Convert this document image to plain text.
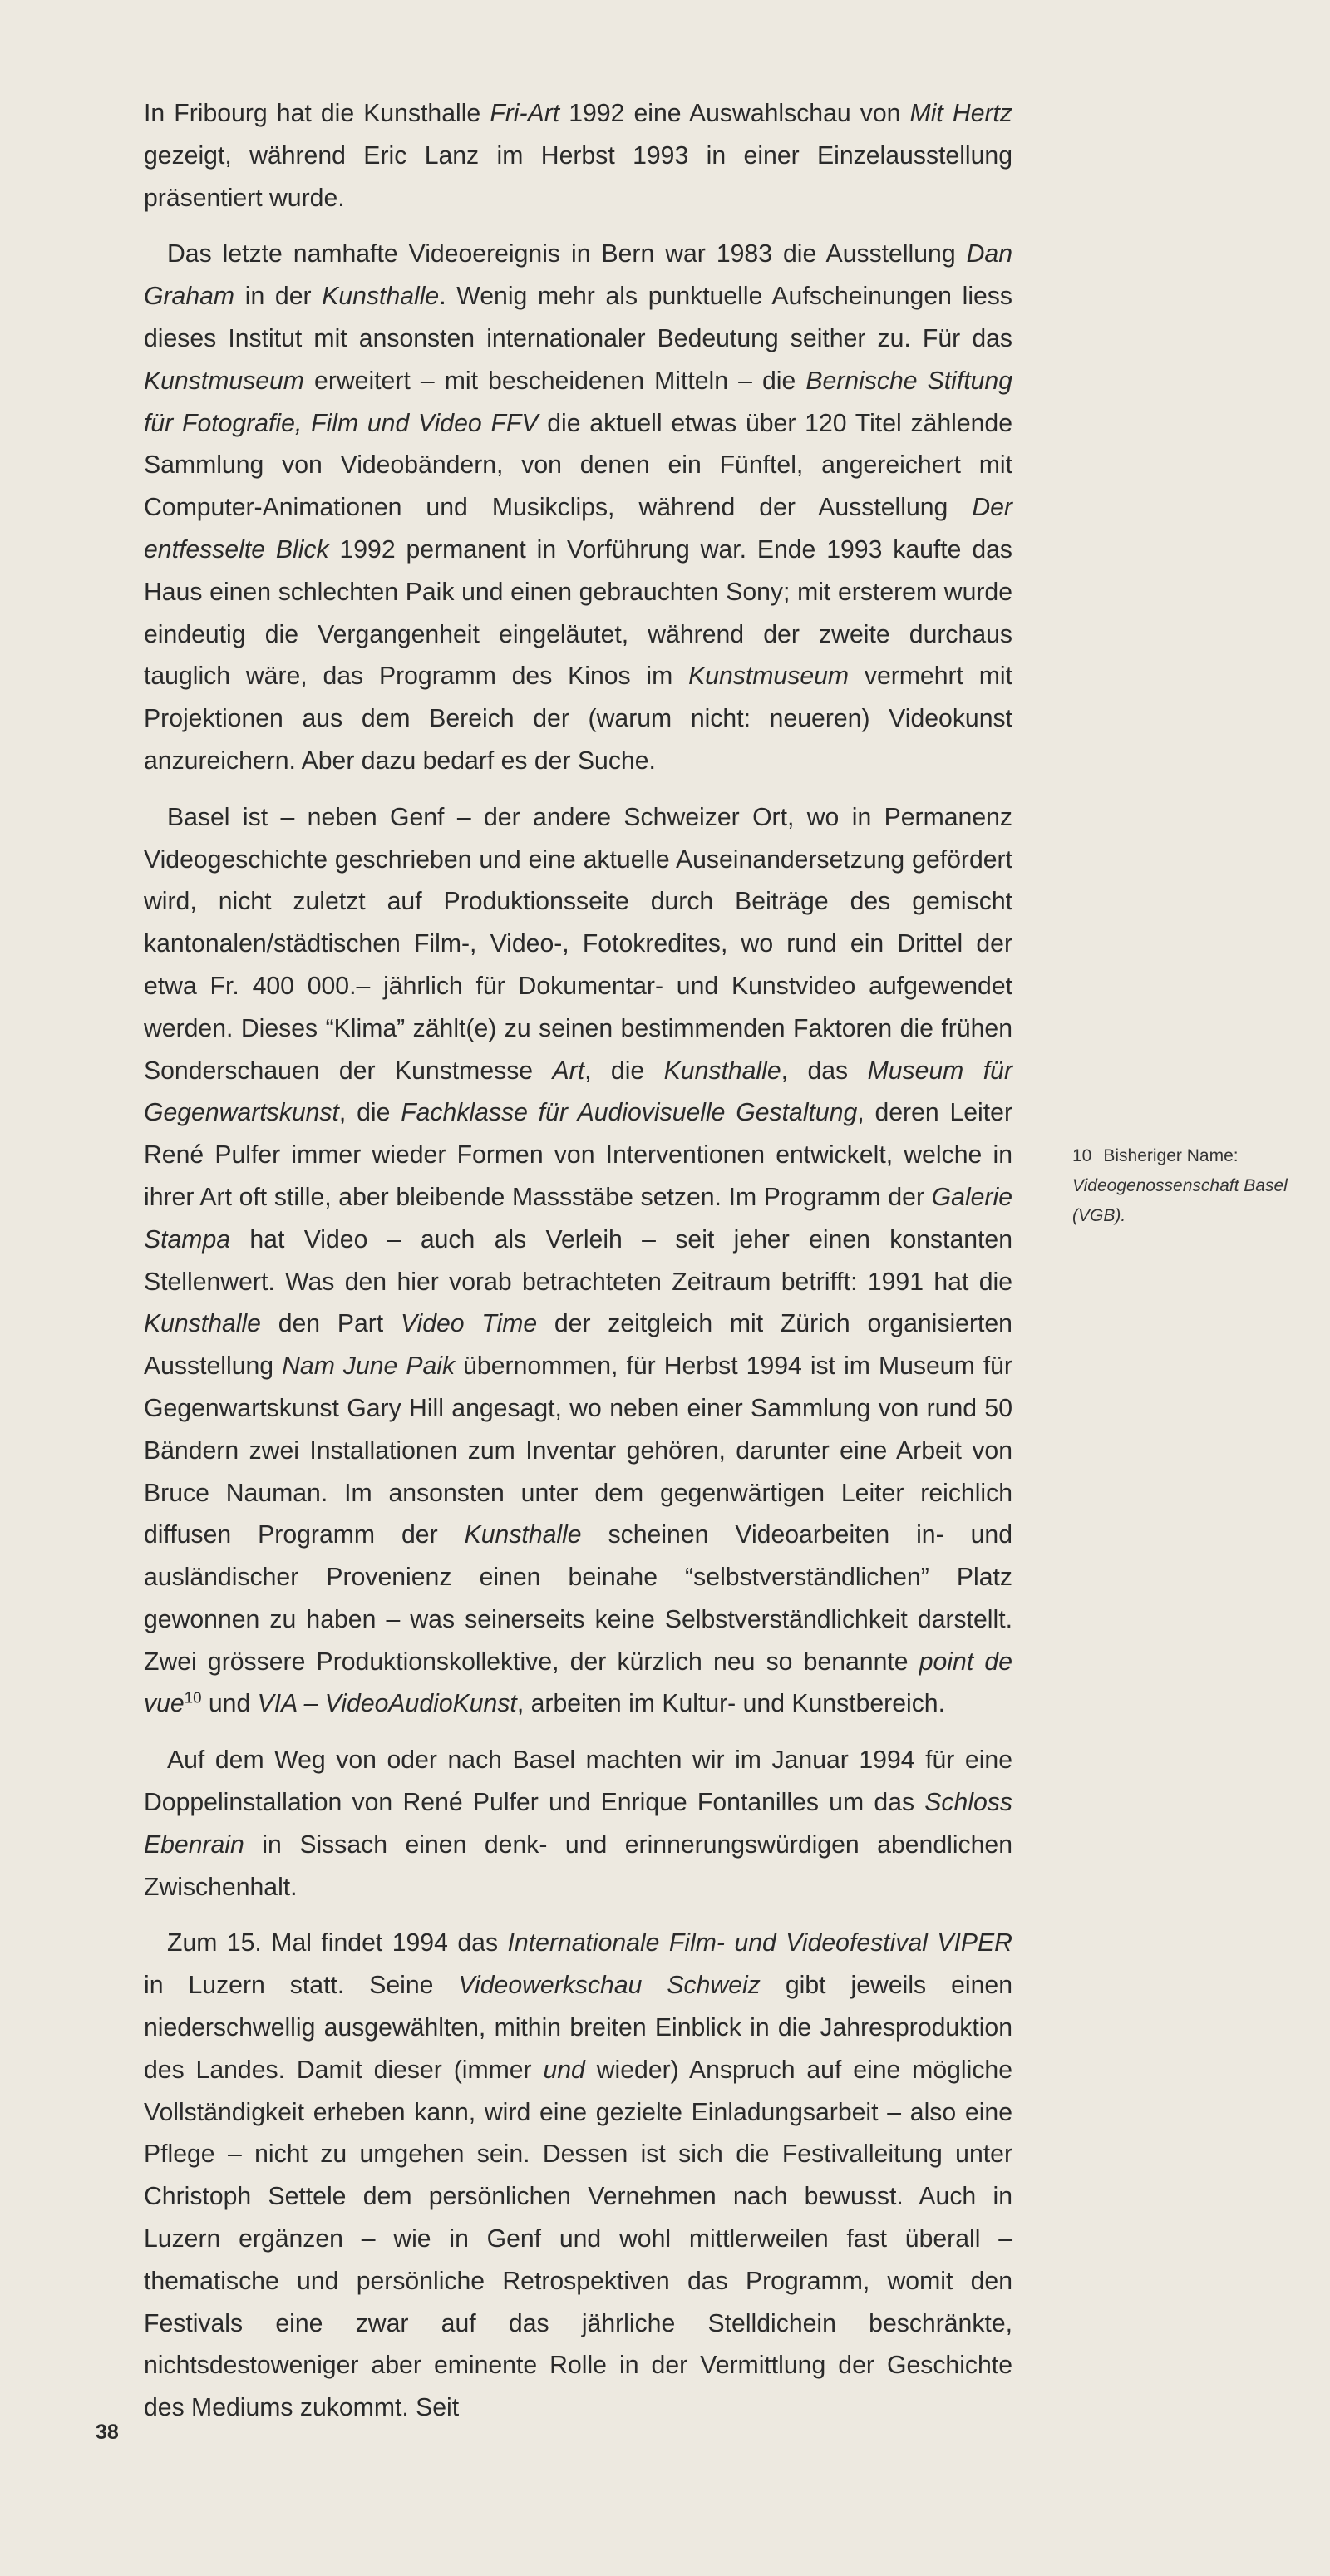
In Fribourg hat die Kunsthalle Fri-Art 1992 eine Auswahlschau von Mit Hertz gezeigt, während Eric Lanz im Herbst 1993 in einer Einzelausstellung präsentiert wurde.

Das letzte namhafte Videoereignis in Bern war 1983 die Ausstellung Dan Graham in der Kunsthalle. Wenig mehr als punktuelle Aufscheinungen liess dieses Institut mit ansonsten internationaler Bedeutung seither zu. Für das Kunstmuseum erweitert – mit bescheidenen Mitteln – die Bernische Stiftung für Fotografie, Film und Video FFV die aktuell etwas über 120 Titel zählende Sammlung von Videobändern, von denen ein Fünftel, angereichert mit Computer-Animationen und Musikclips, während der Ausstellung Der entfesselte Blick 1992 permanent in Vorführung war. Ende 1993 kaufte das Haus einen schlechten Paik und einen gebrauchten Sony; mit ersterem wurde eindeutig die Vergangenheit eingeläutet, während der zweite durchaus tauglich wäre, das Programm des Kinos im Kunstmuseum vermehrt mit Projektionen aus dem Bereich der (warum nicht: neueren) Videokunst anzureichern. Aber dazu bedarf es der Suche.

Basel ist – neben Genf – der andere Schweizer Ort, wo in Permanenz Videogeschichte geschrieben und eine aktuelle Auseinandersetzung gefördert wird, nicht zuletzt auf Produktionsseite durch Beiträge des gemischt kantonalen/städtischen Film-, Video-, Fotokredites, wo rund ein Drittel der etwa Fr. 400 000.– jährlich für Dokumentar- und Kunstvideo aufgewendet werden. Dieses “Klima” zählt(e) zu seinen bestimmenden Faktoren die frühen Sonderschauen der Kunstmesse Art, die Kunsthalle, das Museum für Gegenwartskunst, die Fachklasse für Audiovisuelle Gestaltung, deren Leiter René Pulfer immer wieder Formen von Interventionen entwickelt, welche in ihrer Art oft stille, aber bleibende Massstäbe setzen. Im Programm der Galerie Stampa hat Video – auch als Verleih – seit jeher einen konstanten Stellenwert. Was den hier vorab betrachteten Zeitraum betrifft: 1991 hat die Kunsthalle den Part Video Time der zeitgleich mit Zürich organisierten Ausstellung Nam June Paik übernommen, für Herbst 1994 ist im Museum für Gegenwartskunst Gary Hill angesagt, wo neben einer Sammlung von rund 50 Bändern zwei Installationen zum Inventar gehören, darunter eine Arbeit von Bruce Nauman. Im ansonsten unter dem gegenwärtigen Leiter reichlich diffusen Programm der Kunsthalle scheinen Videoarbeiten in- und ausländischer Provenienz einen beinahe “selbstverständlichen” Platz gewonnen zu haben – was seinerseits keine Selbstverständlichkeit darstellt. Zwei grössere Produktionskollektive, der kürzlich neu so benannte point de vue$^{10}$ und VIA – VideoAudioKunst, arbeiten im Kultur- und Kunstbereich.

Auf dem Weg von oder nach Basel machten wir im Januar 1994 für eine Doppelinstallation von René Pulfer und Enrique Fontanilles um das Schloss Ebenrain in Sissach einen denk- und erinnerungswürdigen abendlichen Zwischenhalt.

Zum 15. Mal findet 1994 das Internationale Film- und Videofestival VIPER in Luzern statt. Seine Videowerkschau Schweiz gibt jeweils einen niederschwellig ausgewählten, mithin breiten Einblick in die Jahresproduktion des Landes. Damit dieser (immer und wieder) Anspruch auf eine mögliche Vollständigkeit erheben kann, wird eine gezielte Einladungsarbeit – also eine Pflege – nicht zu umgehen sein. Dessen ist sich die Festivalleitung unter Christoph Settele dem persönlichen Vernehmen nach bewusst. Auch in Luzern ergänzen – wie in Genf und wohl mittlerweilen fast überall – thematische und persönliche Retrospektiven das Programm, womit den Festivals eine zwar auf das jährliche Stelldichein beschränkte, nichtsdestoweniger aber eminente Rolle in der Vermittlung der Geschichte des Mediums zukommt. Seit

10 Bisheriger Name:
Videogenossenschaft Basel (VGB).
38
